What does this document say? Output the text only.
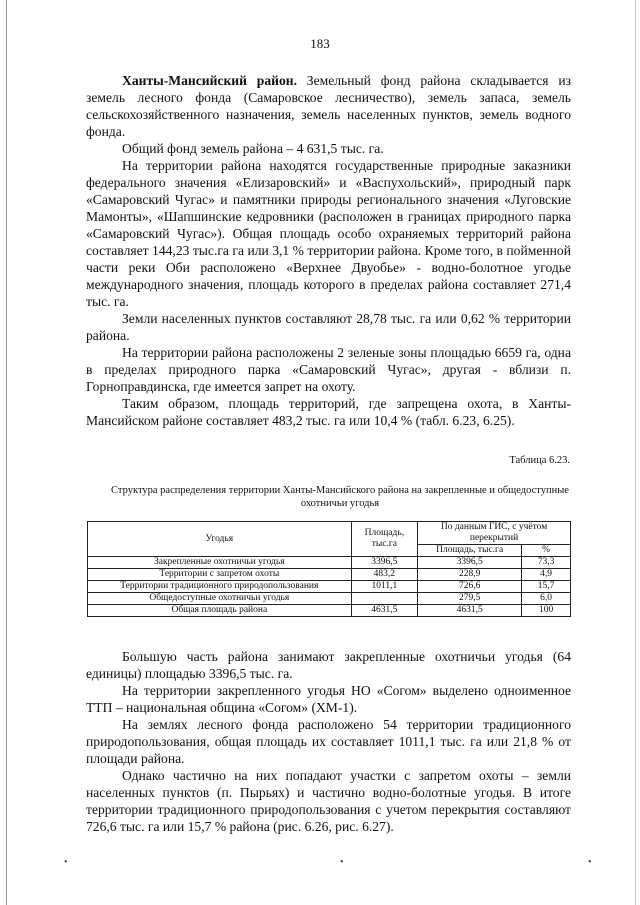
183

Ханты-Мансийский район. Земельный фонд района складывается из земель лесного фонда (Самаровское лесничество), земель запаса, земель сельскохозяйственного назначения, земель населенных пунктов, земель водного фонда.

Общий фонд земель района – 4 631,5 тыс. га.

На территории района находятся государственные природные заказники федерального значения «Елизаровский» и «Вaспухольский», природный парк «Самаровский Чугас» и памятники природы регионального значения «Луговские Мамонты», «Шапшинские кедровники (расположен в границах природного парка «Самаровский Чугас»). Общая площадь особо охраняемых территорий района составляет 144,23 тыс.га га или 3,1 % территории района. Кроме того, в пойменной части реки Оби расположено «Верхнее Двуобье» - водно-болотное угодье международного значения, площадь которого в пределах района составляет 271,4 тыс. га.

Земли населенных пунктов составляют 28,78 тыс. га или 0,62 % территории района.

На территории района расположены 2 зеленые зоны площадью 6659 га, одна в пределах природного парка «Самаровский Чугас», другая - вблизи п. Горноправдинска, где имеется запрет на охоту.

Таким образом, площадь территорий, где запрещена охота, в Ханты-Мансийском районе составляет 483,2 тыс. га или 10,4 % (табл. 6.23, 6.25).

Таблица 6.23.
Структура распределения территории Ханты-Мансийского района на закрепленные и общедоступные охотничьи угодья
Угодья	Площадь, тыс.га	По данным ГИС, с учётом перекрытий	
		Площадь, тыс.га	%
Закрепленные охотничьи угодья	3396,5	3396,5	73,3
Территории с запретом охоты	483,2	228,9	4,9
Территории традиционного природопользования	1011,1	726,6	15,7
Общедоступные охотничьи угодья		279,5	6,0
Общая площадь района	4631,5	4631,5	100

Большую часть района занимают закрепленные охотничьи угодья (64 единицы) площадью 3396,5 тыс. га.

На территории закрепленного угодья НО «Согом» выделено одноименное ТТП – национальная община «Согом» (ХМ-1).

На землях лесного фонда расположено 54 территории традиционного природопользования, общая площадь их составляет 1011,1 тыс. га или 21,8 % от площади района.

Однако частично на них попадают участки с запретом охоты – земли населенных пунктов (п. Пырьях) и частично водно-болотные угодья. В итоге территории традиционного природопользования с учетом перекрытия составляют 726,6 тыс. га или 15,7 % района (рис. 6.26, рис. 6.27).

•	•	•
